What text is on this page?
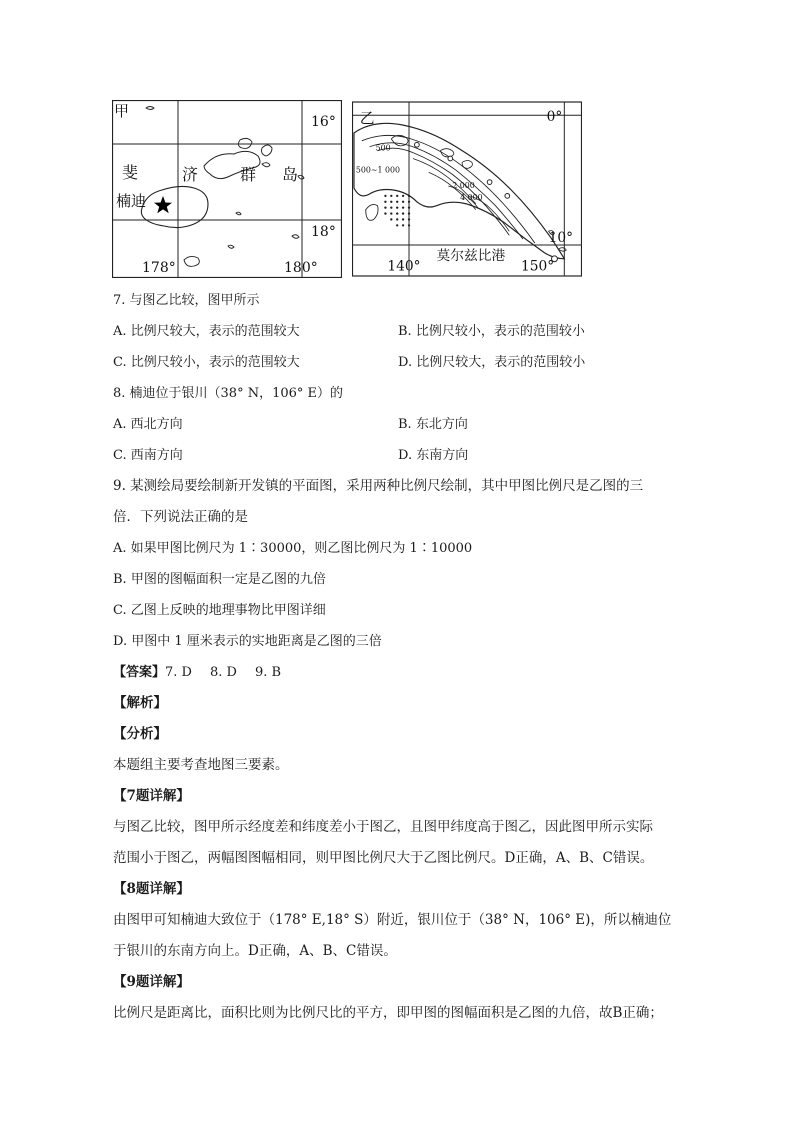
甲
16°
18°
178°	180°
斐	济	群 岛
楠迪
乙	0°
10°
140°	150°
500
500~1 000
2 000
4 000
莫尔兹比港
7. 与图乙比较，图甲所示
A. 比例尺较大，表示的范围较大	B. 比例尺较小，表示的范围较小
C. 比例尺较小，表示的范围较大	D. 比例尺较大，表示的范围较小
8. 楠迪位于银川（38° N，106° E）的
A. 西北方向	B. 东北方向
C. 西南方向	D. 东南方向
9. 某测绘局要绘制新开发镇的平面图，采用两种比例尺绘制，其中甲图比例尺是乙图的三
倍．下列说法正确的是
A. 如果甲图比例尺为 1∶30000，则乙图比例尺为 1∶10000
B. 甲图的图幅面积一定是乙图的九倍
C. 乙图上反映的地理事物比甲图详细
D. 甲图中 1 厘米表示的实地距离是乙图的三倍
【答案】7. D 8. D 9. B
【解析】
【分析】
本题组主要考查地图三要素。
【7题详解】
与图乙比较，图甲所示经度差和纬度差小于图乙，且图甲纬度高于图乙，因此图甲所示实际
范围小于图乙，两幅图图幅相同，则甲图比例尺大于乙图比例尺。D正确，A、B、C错误。
【8题详解】
由图甲可知楠迪大致位于（178° E,18° S）附近，银川位于（38° N，106° E)，所以楠迪位
于银川的东南方向上。D正确，A、B、C错误。
【9题详解】
比例尺是距离比，面积比则为比例尺比的平方，即甲图的图幅面积是乙图的九倍，故B正确；
